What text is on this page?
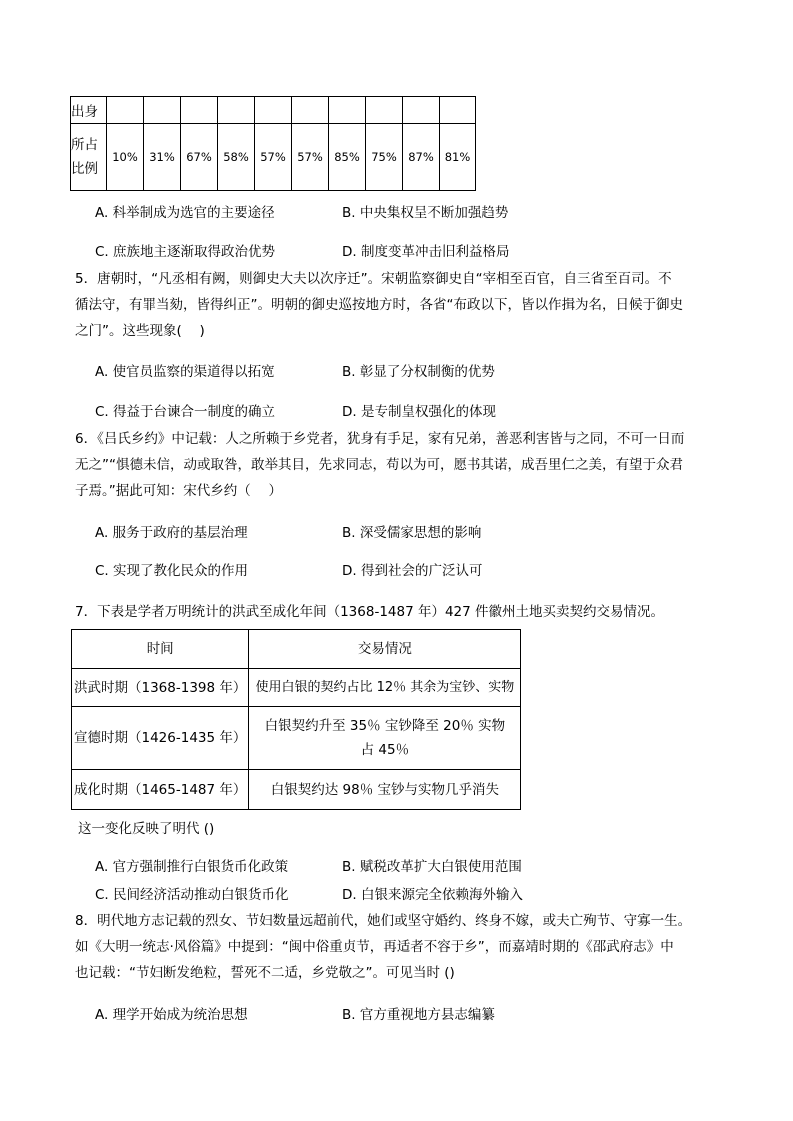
出身										
所占比例	10%	31%	67%	58%	57%	57%	85%	75%	87%	81%
A. 科举制成为选官的主要途径	B. 中央集权呈不断加强趋势
C. 庶族地主逐渐取得政治优势	D. 制度变革冲击旧利益格局
5．唐朝时，“凡丞相有阙，则御史大夫以次序迁”。宋朝监察御史自“宰相至百官，自三省至百司。不
循法守，有罪当劾，皆得纠正”。明朝的御史巡按地方时，各省“布政以下，皆以作揖为名，日候于御史
之门”。这些现象(　 )
A. 使官员监察的渠道得以拓宽	B. 彰显了分权制衡的优势
C. 得益于台谏合一制度的确立	D. 是专制皇权强化的体现
6．《吕氏乡约》中记载：人之所赖于乡党者，犹身有手足，家有兄弟，善恶利害皆与之同，不可一日而
无之”“惧德未信，动或取咎，敢举其目，先求同志，苟以为可，愿书其诺，成吾里仁之美，有望于众君
子焉。”据此可知：宋代乡约（　 ）
A. 服务于政府的基层治理	B. 深受儒家思想的影响
C. 实现了教化民众的作用	D. 得到社会的广泛认可
7．下表是学者万明统计的洪武至成化年间（1368-1487 年）427 件徽州土地买卖契约交易情况。
时间	交易情况
洪武时期（1368-1398 年）	使用白银的契约占比 12％ 其余为宝钞、实物
宣德时期（1426-1435 年）	白银契约升至 35％ 宝钞降至 20％ 实物占 45％
成化时期（1465-1487 年）	白银契约达 98％ 宝钞与实物几乎消失
这一变化反映了明代 ()
A. 官方强制推行白银货币化政策	B. 赋税改革扩大白银使用范围
C. 民间经济活动推动白银货币化	D. 白银来源完全依赖海外输入
8．明代地方志记载的烈女、节妇数量远超前代，她们或坚守婚约、终身不嫁，或夫亡殉节、守寡一生。
如《大明一统志·风俗篇》中提到：“闽中俗重贞节，再适者不容于乡”，而嘉靖时期的《邵武府志》中
也记载：“节妇断发绝粒，誓死不二适，乡党敬之”。可见当时 ()
A. 理学开始成为统治思想	B. 官方重视地方县志编纂
